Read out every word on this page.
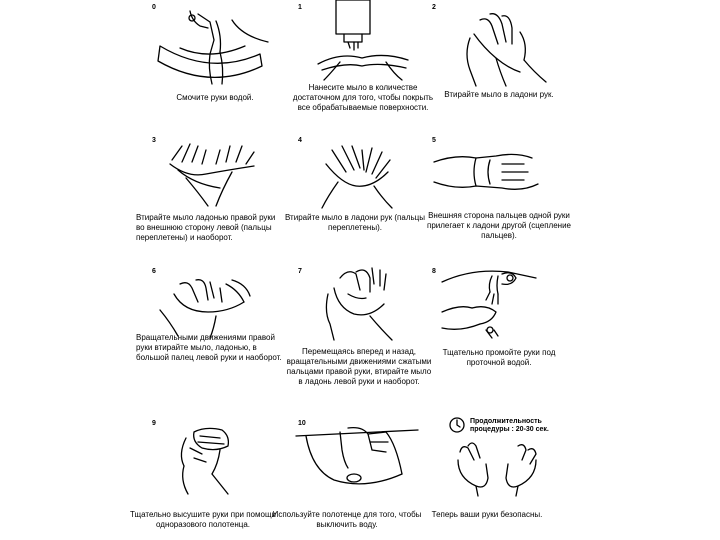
0
Смочите руки водой.
1
Нанесите мыло в количестве достаточном для того, чтобы покрыть все обрабатываемые поверхности.
2
Втирайте мыло в ладони рук.
3
Втирайте мыло ладонью правой руки во внешнюю сторону левой (пальцы переплетены) и наоборот.
4
Втирайте мыло в ладони рук (пальцы переплетены).
5
Внешняя сторона пальцев одной руки прилегает к ладони другой (сцепление пальцев).
6
Вращательными движениями правой руки втирайте мыло, ладонью, в большой палец левой руки и наоборот.
7
Перемещаясь вперед и назад, вращательными движениями сжатыми пальцами правой руки, втирайте мыло в ладонь левой руки и наоборот.
8
Тщательно промойте руки под проточной водой.
9
Тщательно высушите руки при помощи одноразового полотенца.
10
Используйте полотенце для того, чтобы выключить воду.
Продолжительность
процедуры : 20-30 сек.
Теперь ваши руки безопасны.
